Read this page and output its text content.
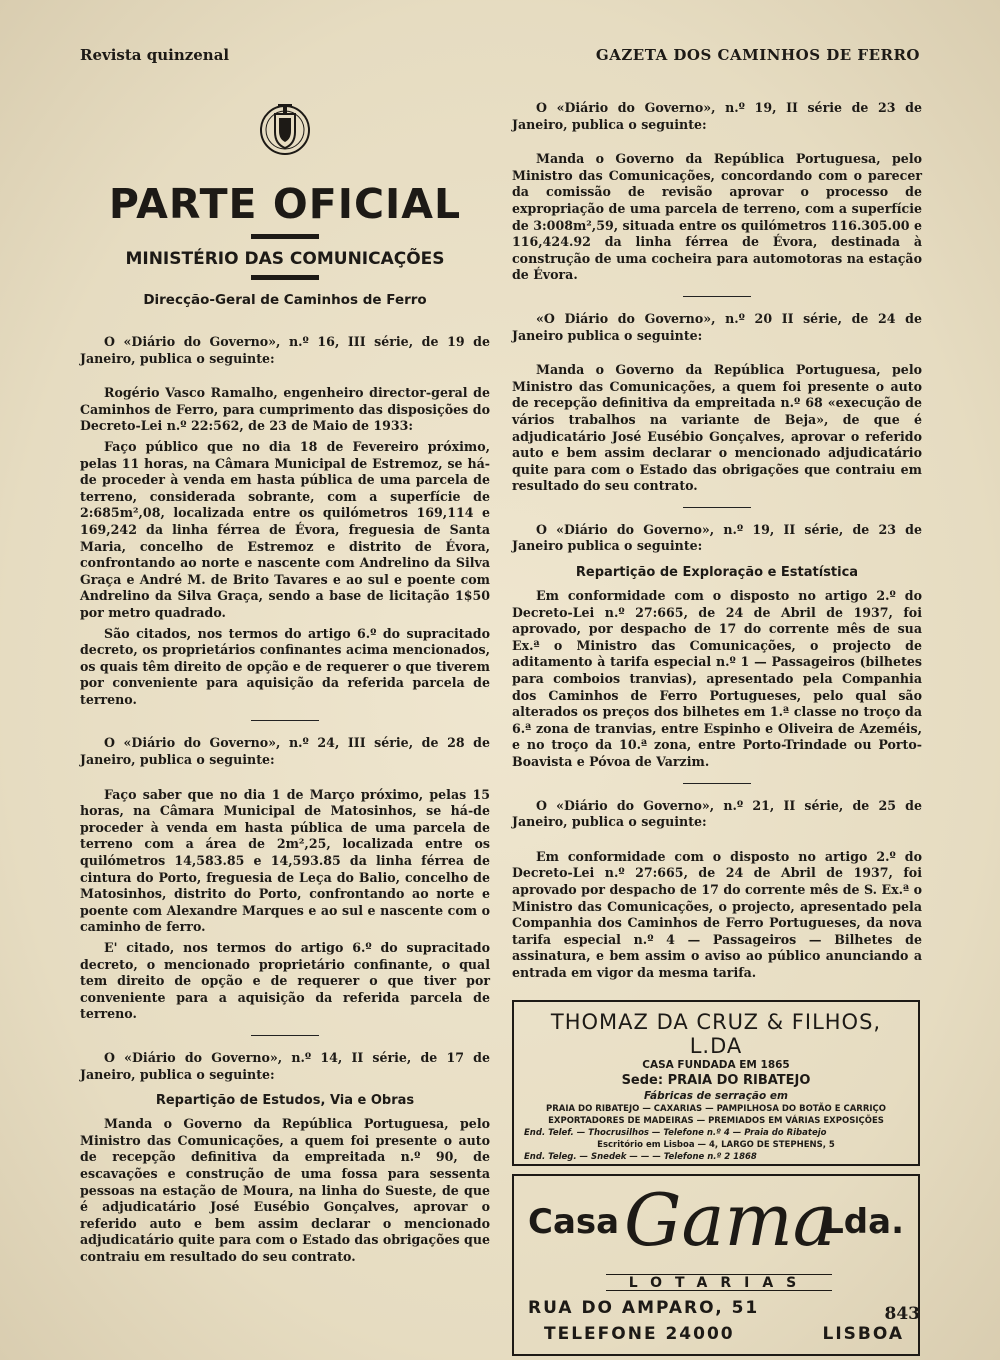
Revista quinzenal	GAZETA DOS CAMINHOS DE FERRO
PARTE OFICIAL
MINISTÉRIO DAS COMUNICAÇÕES
Direcção-Geral de Caminhos de Ferro

O «Diário do Governo», n.º 16, III série, de 19 de Janeiro, publica o seguinte:

Rogério Vasco Ramalho, engenheiro director-geral de Caminhos de Ferro, para cumprimento das disposições do Decreto-Lei n.º 22:562, de 23 de Maio de 1933:

Faço público que no dia 18 de Fevereiro próximo, pelas 11 horas, na Câmara Municipal de Estremoz, se há-de proceder à venda em hasta pública de uma parcela de terreno, considerada sobrante, com a superfície de 2:685m²,08, localizada entre os quilómetros 169,114 e 169,242 da linha férrea de Évora, freguesia de Santa Maria, concelho de Estremoz e distrito de Évora, confrontando ao norte e nascente com Andrelino da Silva Graça e André M. de Brito Tavares e ao sul e poente com Andrelino da Silva Graça, sendo a base de licitação 1$50 por metro quadrado.

São citados, nos termos do artigo 6.º do supracitado decreto, os proprietários confinantes acima mencionados, os quais têm direito de opção e de requerer o que tiverem por conveniente para aquisição da referida parcela de terreno.

O «Diário do Governo», n.º 24, III série, de 28 de Janeiro, publica o seguinte:

Faço saber que no dia 1 de Março próximo, pelas 15 horas, na Câmara Municipal de Matosinhos, se há-de proceder à venda em hasta pública de uma parcela de terreno com a área de 2m²,25, localizada entre os quilómetros 14,583.85 e 14,593.85 da linha férrea de cintura do Porto, freguesia de Leça do Balio, concelho de Matosinhos, distrito do Porto, confrontando ao norte e poente com Alexandre Marques e ao sul e nascente com o caminho de ferro.

E' citado, nos termos do artigo 6.º do supracitado decreto, o mencionado proprietário confinante, o qual tem direito de opção e de requerer o que tiver por conveniente para a aquisição da referida parcela de terreno.

O «Diário do Governo», n.º 14, II série, de 17 de Janeiro, publica o seguinte:

Repartição de Estudos, Via e Obras

Manda o Governo da República Portuguesa, pelo Ministro das Comunicações, a quem foi presente o auto de recepção definitiva da empreitada n.º 90, de escavações e construção de uma fossa para sessenta pessoas na estação de Moura, na linha do Sueste, de que é adjudicatário José Eusébio Gonçalves, aprovar o referido auto e bem assim declarar o mencionado adjudicatário quite para com o Estado das obrigações que contraiu em resultado do seu contrato.

O «Diário do Governo», n.º 19, II série de 23 de Janeiro, publica o seguinte:

Manda o Governo da República Portuguesa, pelo Ministro das Comunicações, concordando com o parecer da comissão de revisão aprovar o processo de expropriação de uma parcela de terreno, com a superfície de 3:008m²,59, situada entre os quilómetros 116.305.00 e 116,424.92 da linha férrea de Évora, destinada à construção de uma cocheira para automotoras na estação de Évora.

«O Diário do Governo», n.º 20 II série, de 24 de Janeiro publica o seguinte:

Manda o Governo da República Portuguesa, pelo Ministro das Comunicações, a quem foi presente o auto de recepção definitiva da empreitada n.º 68 «execução de vários trabalhos na variante de Beja», de que é adjudicatário José Eusébio Gonçalves, aprovar o referido auto e bem assim declarar o mencionado adjudicatário quite para com o Estado das obrigações que contraiu em resultado do seu contrato.

O «Diário do Governo», n.º 19, II série, de 23 de Janeiro publica o seguinte:

Repartição de Exploração e Estatística

Em conformidade com o disposto no artigo 2.º do Decreto-Lei n.º 27:665, de 24 de Abril de 1937, foi aprovado, por despacho de 17 do corrente mês de sua Ex.ª o Ministro das Comunicações, o projecto de aditamento à tarifa especial n.º 1 — Passageiros (bilhetes para comboios tranvias), apresentado pela Companhia dos Caminhos de Ferro Portugueses, pelo qual são alterados os preços dos bilhetes em 1.ª classe no troço da 6.ª zona de tranvias, entre Espinho e Oliveira de Azeméis, e no troço da 10.ª zona, entre Porto-Trindade ou Porto-Boavista e Póvoa de Varzim.

O «Diário do Governo», n.º 21, II série, de 25 de Janeiro, publica o seguinte:

Em conformidade com o disposto no artigo 2.º do Decreto-Lei n.º 27:665, de 24 de Abril de 1937, foi aprovado por despacho de 17 do corrente mês de S. Ex.ª o Ministro das Comunicações, o projecto, apresentado pela Companhia dos Caminhos de Ferro Portugueses, da nova tarifa especial n.º 4 — Passageiros — Bilhetes de assinatura, e bem assim o aviso ao público anunciando a entrada em vigor da mesma tarifa.

THOMAZ DA CRUZ & FILHOS, L.DA
CASA FUNDADA EM 1865
Sede: PRAIA DO RIBATEJO
Fábricas de serração em
PRAIA DO RIBATEJO — CAXARIAS — PAMPILHOSA DO BOTÃO E CARRIÇO
EXPORTADORES DE MADEIRAS — PREMIADOS EM VÁRIAS EXPOSIÇÕES
End. Telef. — Thocrusilhos — Telefone n.º 4 — Praia do Ribatejo
Escritório em Lisboa — 4, LARGO DE STEPHENS, 5
End. Teleg. — Snedek — — — Telefone n.º 2 1868
Casa Gama
Lda.
LOTARIAS
RUA DO AMPARO, 51
TELEFONE 24000	LISBOA
843
